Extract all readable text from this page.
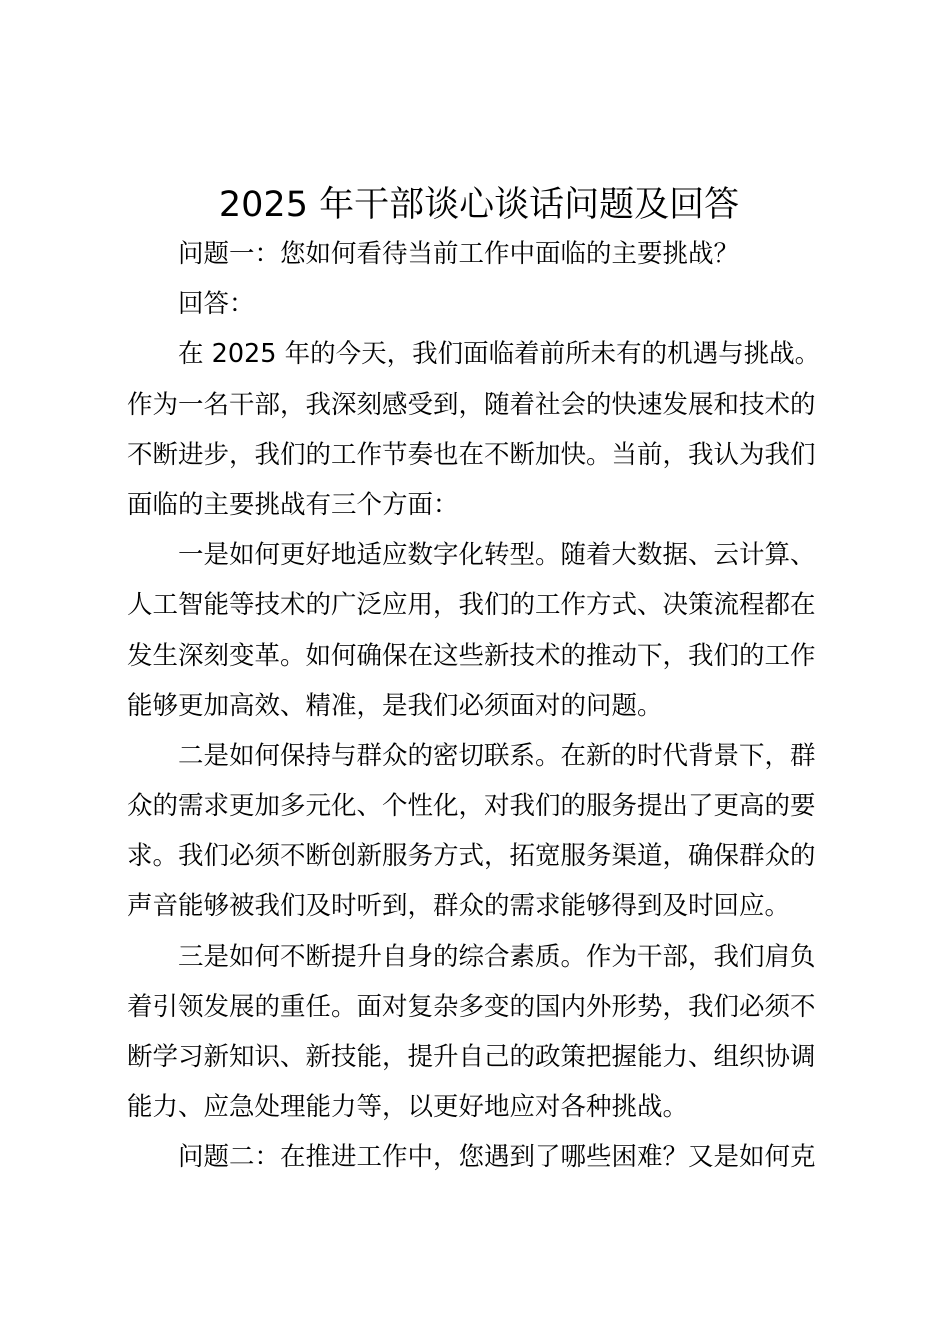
2025 年干部谈心谈话问题及回答
问题一：您如何看待当前工作中面临的主要挑战？
回答：
在 2025 年的今天，我们面临着前所未有的机遇与挑战。
作为一名干部，我深刻感受到，随着社会的快速发展和技术的
不断进步，我们的工作节奏也在不断加快。当前，我认为我们
面临的主要挑战有三个方面：
一是如何更好地适应数字化转型。随着大数据、云计算、
人工智能等技术的广泛应用，我们的工作方式、决策流程都在
发生深刻变革。如何确保在这些新技术的推动下，我们的工作
能够更加高效、精准，是我们必须面对的问题。
二是如何保持与群众的密切联系。在新的时代背景下，群
众的需求更加多元化、个性化，对我们的服务提出了更高的要
求。我们必须不断创新服务方式，拓宽服务渠道，确保群众的
声音能够被我们及时听到，群众的需求能够得到及时回应。
三是如何不断提升自身的综合素质。作为干部，我们肩负
着引领发展的重任。面对复杂多变的国内外形势，我们必须不
断学习新知识、新技能，提升自己的政策把握能力、组织协调
能力、应急处理能力等，以更好地应对各种挑战。
问题二：在推进工作中，您遇到了哪些困难？又是如何克
